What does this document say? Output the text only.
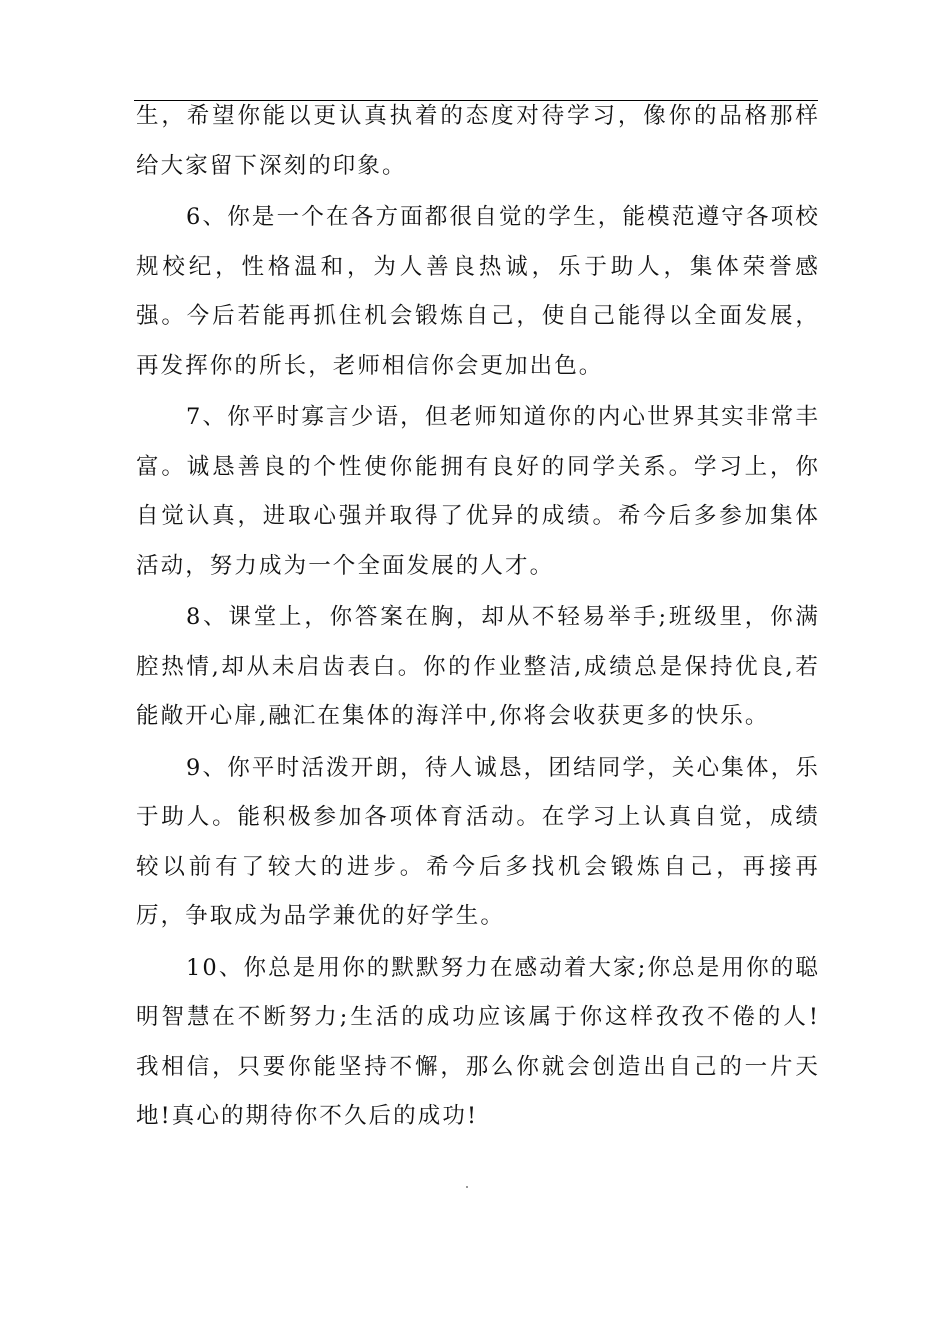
生，希望你能以更认真执着的态度对待学习，像你的品格那样给大家留下深刻的印象。

6、你是一个在各方面都很自觉的学生，能模范遵守各项校规校纪，性格温和，为人善良热诚，乐于助人，集体荣誉感强。今后若能再抓住机会锻炼自己，使自己能得以全面发展，再发挥你的所长，老师相信你会更加出色。

7、你平时寡言少语，但老师知道你的内心世界其实非常丰富。诚恳善良的个性使你能拥有良好的同学关系。学习上，你自觉认真，进取心强并取得了优异的成绩。希今后多参加集体活动，努力成为一个全面发展的人才。

8、课堂上，你答案在胸，却从不轻易举手;班级里，你满腔热情,却从未启齿表白。你的作业整洁,成绩总是保持优良,若能敞开心扉,融汇在集体的海洋中,你将会收获更多的快乐。

9、你平时活泼开朗，待人诚恳，团结同学，关心集体，乐于助人。能积极参加各项体育活动。在学习上认真自觉，成绩较以前有了较大的进步。希今后多找机会锻炼自己，再接再厉，争取成为品学兼优的好学生。

10、你总是用你的默默努力在感动着大家;你总是用你的聪明智慧在不断努力;生活的成功应该属于你这样孜孜不倦的人!我相信，只要你能坚持不懈，那么你就会创造出自己的一片天地!真心的期待你不久后的成功!
